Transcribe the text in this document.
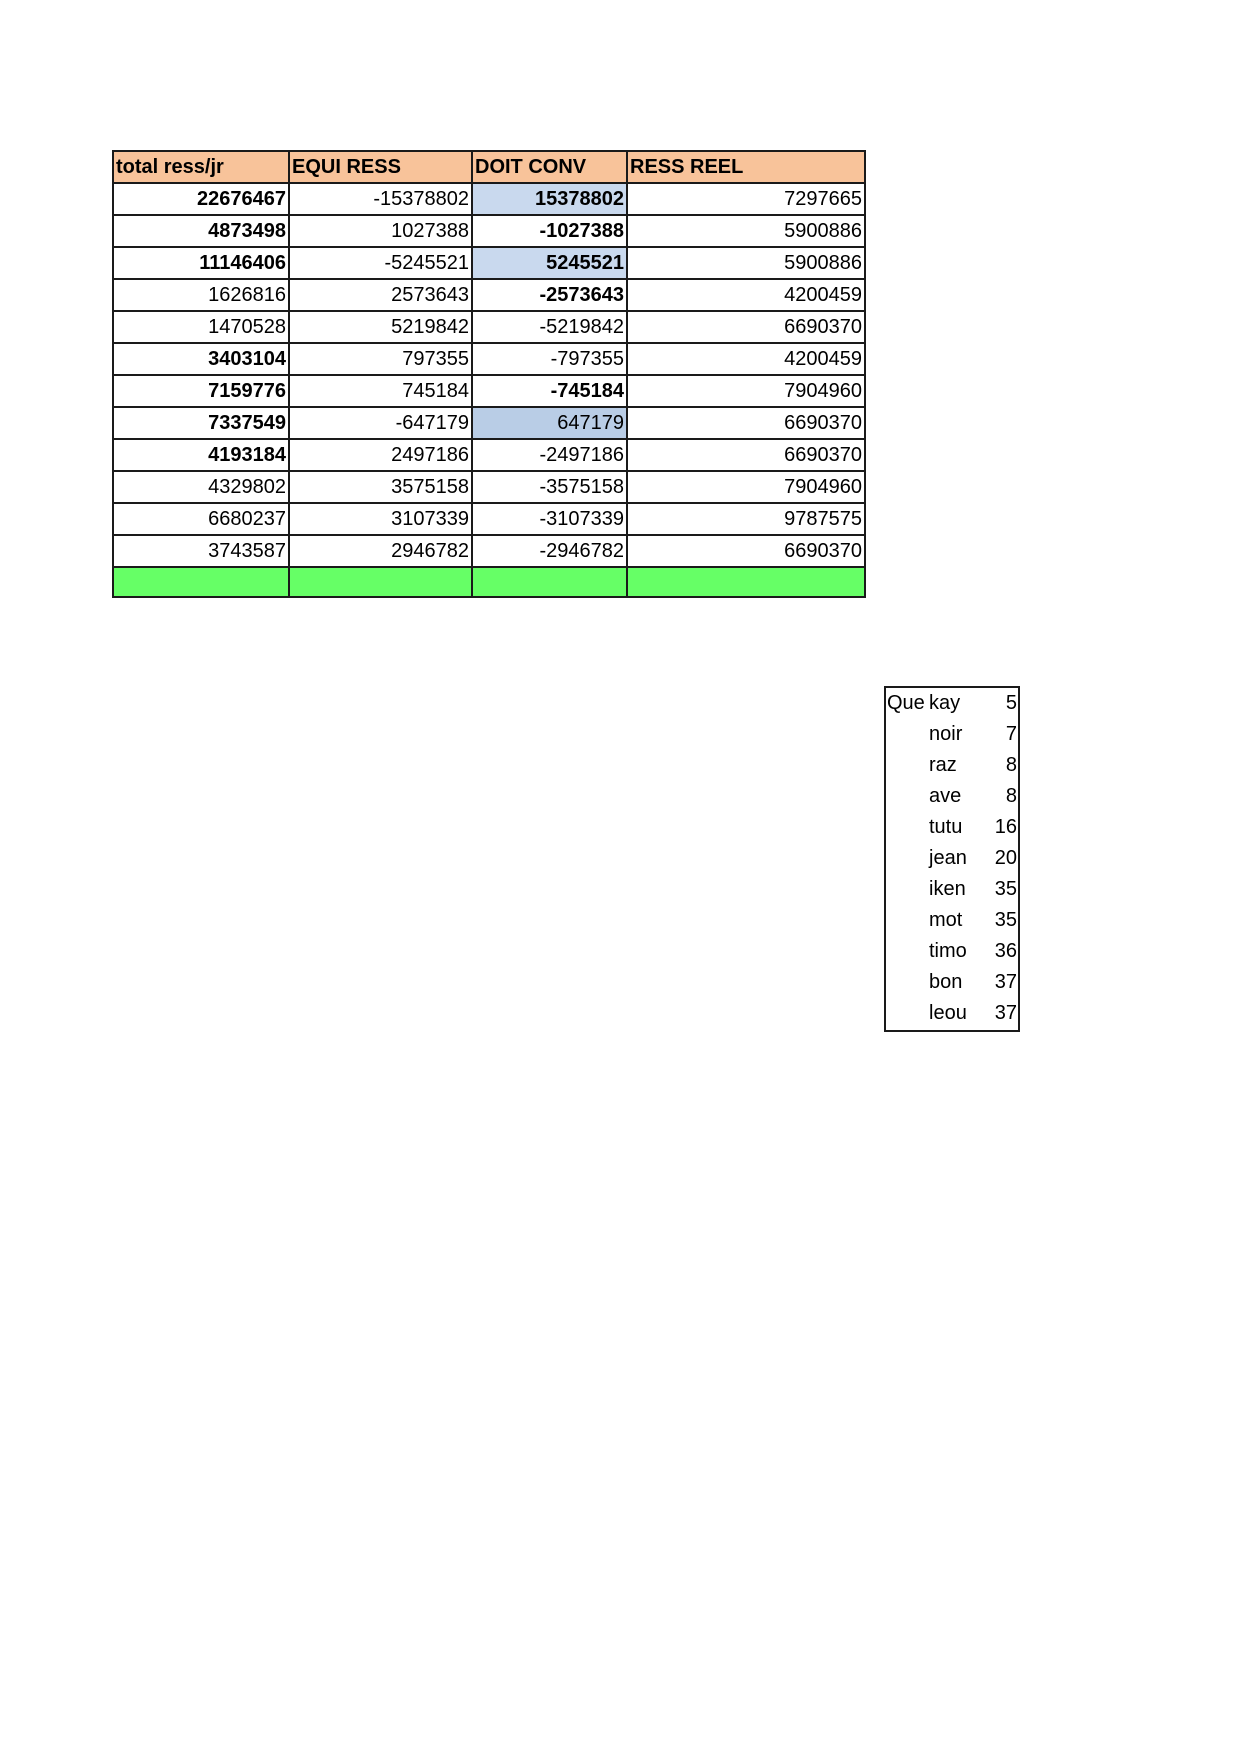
total ress/jr	EQUI RESS	DOIT CONV	RESS REEL
22676467	-15378802	15378802	7297665
4873498	1027388	-1027388	5900886
11146406	-5245521	5245521	5900886
1626816	2573643	-2573643	4200459
1470528	5219842	-5219842	6690370
3403104	797355	-797355	4200459
7159776	745184	-745184	7904960
7337549	-647179	647179	6690370
4193184	2497186	-2497186	6690370
4329802	3575158	-3575158	7904960
6680237	3107339	-3107339	9787575
3743587	2946782	-2946782	6690370

Que	kay	5
	noir	7
	raz	8
	ave	8
	tutu	16
	jean	20
	iken	35
	mot	35
	timo	36
	bon	37
	leou	37
